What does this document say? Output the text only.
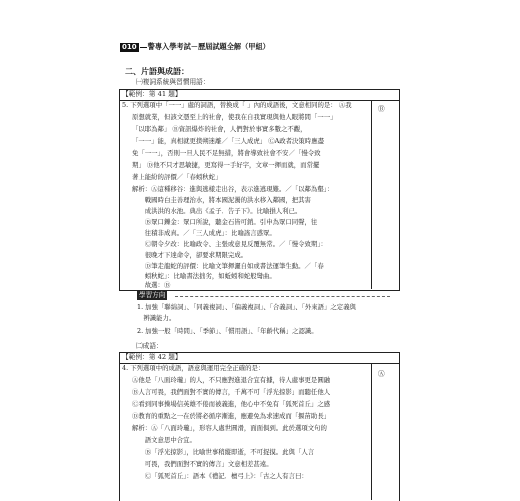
010 警專入學考試－歷屆試題全解（甲組）
二、片語與成語：
㈠複詞系統與習慣用語：
【範例：第 41 題】
Ⓑ
5. 下列選項中「一一」處的詞語，替換成「 」內的成語後，文意相同的是： Ⓐ我
原想就業，但該文憑至上的社會，使我在自我實現與他人眼將間「一一」
「以耶為鄰」 Ⓑ資訊爆炸的社會，人們對於事實多數之不觀，
「一一」能，真相就更撲朔迷離／「三人成虎」 ⒸA政者決策時應盡
免「一一」，否則一旦人民不足無措，將會導致社會不安／「慢令致
期」 Ⓓ他不只才思敏捷，更寫得一手好字，文章一揮而就，而常擺
著上能紛的評價／「春蚓秋蛇」
解析：Ⓐ這種移谷：進與逃樣走出谷，表示進逃現難。／「以鄰為壑」：
　　戰國時白圭善理治水，將本國泥濁的洪水移入鄰國，把其害
　　成洪洪的水池。典出《孟子．告子下》。比喻損人利已。
　　Ⓑ眾口鑠金：眾口所說，聽金石皆可銷。引申為眾口同聲，往
　　往積非成真。／「三人成虎」：比喻謠言惑眾。
　　Ⓒ朝令夕改：比喻政令、主張或意見反覆無常。／「慢令致期」：
　　很晚才下達命令，卻要求期限完成。
　　Ⓓ筆走龍蛇的評價：比喻文筆揮灑自如或書法運筆生動。／「春
　　蚓秋蛇」：比喻書法拙劣，如蚯蚓和蛇般彎曲。
　　故選：Ⓑ
學習方向
1. 加強「聯綿詞」、「同義複詞」、「偏義複詞」、「合義詞」、「外來語」之定義與
　辨識能力。
2. 加強一般「時間」、「季節」、「慣用語」、「年齡代稱」之認識。
㈡成語：
【範例：第 42 題】
Ⓐ
4. 下列選項中的成語，語意與運用完全正確的是：
Ⓐ他是「八面玲瓏」的人，不只應對進退合宜有據，待人處事更是圓融
Ⓑ人言可畏，我們面對不實的傳言，千萬不可「浮光掠影」而聽任他人
Ⓒ看到同事操場信英雄不倦而被義進，他心中不免有「狐死首丘」之感
Ⓓ教育的重點之一在於將必循序漸進，應避免為求速成而「揠苗助長」
解析：Ⓐ「八面玲瓏」，形容人處世圓滑，面面俱到。此於選項文句的
　　語文意思中合宜。
　　Ⓑ「浮光掠影」，比喻世事稍縱即逝，不可捉摸。此與「人言
　　可畏，我們面對不實的傳言」文意相差甚遠。
　　Ⓒ「狐死首丘」：語本《禮記．檀弓上》：「古之人有言曰：
